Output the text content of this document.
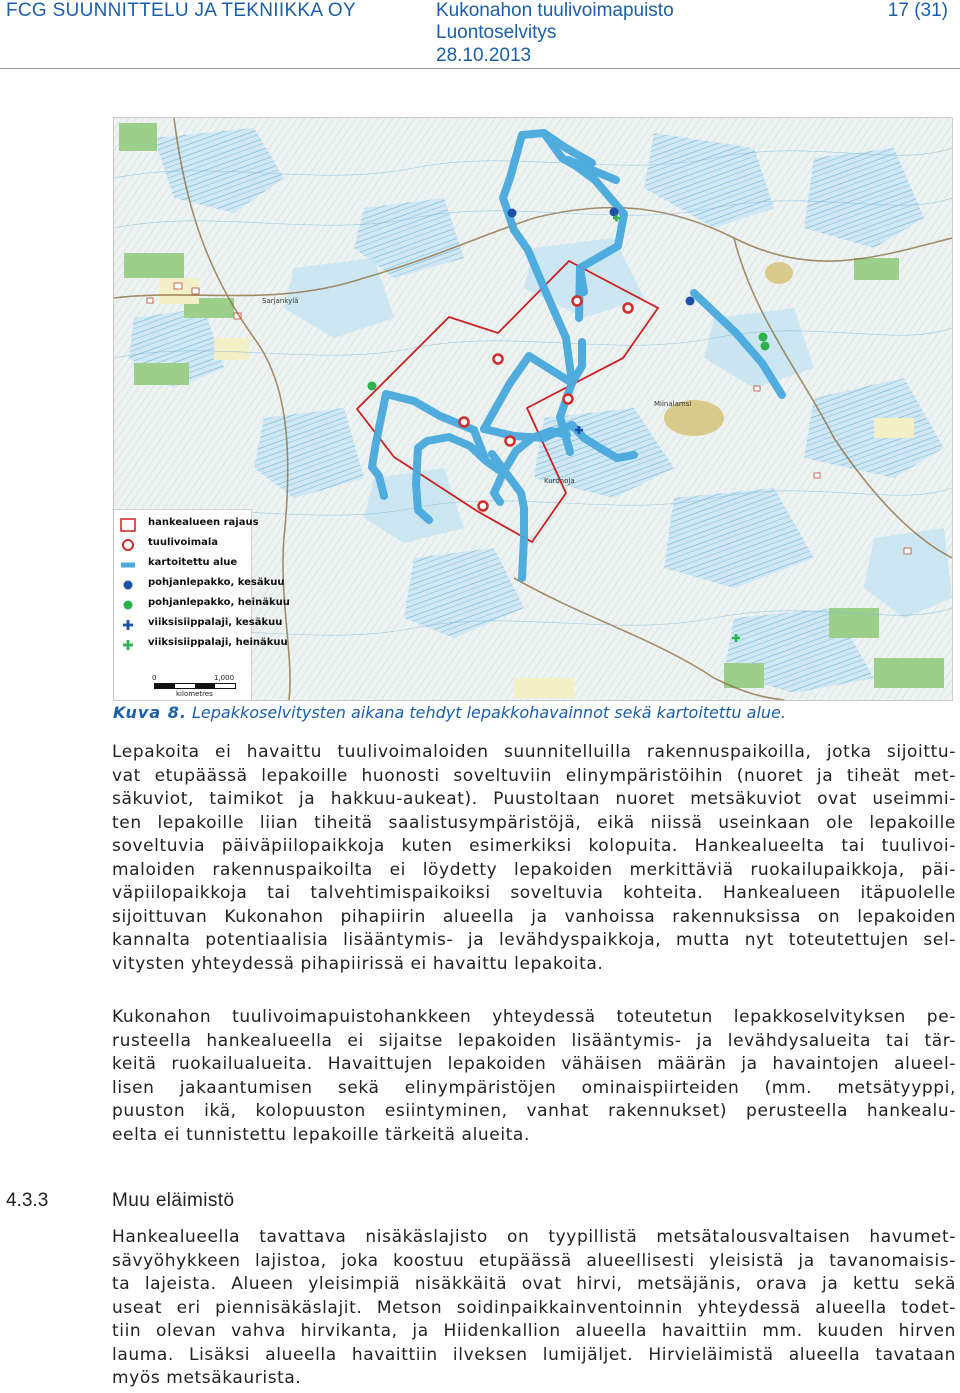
FCG SUUNNITTELU JA TEKNIIKKA OY	Kukonahon tuulivoimapuisto
Luontoselvitys
28.10.2013
17 (31)
Sarjankylä
Miinalamsi
Kuronoja
hankealueen rajaus
tuulivoimala
kartoitettu alue
pohjanlepakko, kesäkuu
pohjanlepakko, heinäkuu
viiksisiippalaji, kesäkuu
viiksisiippalaji, heinäkuu
0	1,000
kilometres
Kuva 8. Lepakkoselvitysten aikana tehdyt lepakkohavainnot sekä kartoitettu alue.
Lepakoita ei havaittu tuulivoimaloiden suunnitelluilla rakennuspaikoilla, jotka sijoittu-
vat etupäässä lepakoille huonosti soveltuviin elinympäristöihin (nuoret ja tiheät met-
säkuviot, taimikot ja hakkuu-aukeat). Puustoltaan nuoret metsäkuviot ovat useimmi-
ten lepakoille liian tiheitä saalistusympäristöjä, eikä niissä useinkaan ole lepakoille
soveltuvia päiväpiilopaikkoja kuten esimerkiksi kolopuita. Hankealueelta tai tuulivoi-
maloiden rakennuspaikoilta ei löydetty lepakoiden merkittäviä ruokailupaikkoja, päi-
väpiilopaikkoja tai talvehtimispaikoiksi soveltuvia kohteita. Hankealueen itäpuolelle
sijoittuvan Kukonahon pihapiirin alueella ja vanhoissa rakennuksissa on lepakoiden
kannalta potentiaalisia lisääntymis- ja levähdyspaikkoja, mutta nyt toteutettujen sel-
vitysten yhteydessä pihapiirissä ei havaittu lepakoita.
Kukonahon tuulivoimapuistohankkeen yhteydessä toteutetun lepakkoselvityksen pe-
rusteella hankealueella ei sijaitse lepakoiden lisääntymis- ja levähdysalueita tai tär-
keitä ruokailualueita. Havaittujen lepakoiden vähäisen määrän ja havaintojen alueel-
lisen jakaantumisen sekä elinympäristöjen ominaispiirteiden (mm. metsätyyppi,
puuston ikä, kolopuuston esiintyminen, vanhat rakennukset) perusteella hankealu-
eelta ei tunnistettu lepakoille tärkeitä alueita.
4.3.3	Muu eläimistö
Hankealueella tavattava nisäkäslajisto on tyypillistä metsätalousvaltaisen havumet-
sävyöhykkeen lajistoa, joka koostuu etupäässä alueellisesti yleisistä ja tavanomaisis-
ta lajeista. Alueen yleisimpiä nisäkkäitä ovat hirvi, metsäjänis, orava ja kettu sekä
useat eri piennisäkäslajit. Metson soidinpaikkainventoinnin yhteydessä alueella todet-
tiin olevan vahva hirvikanta, ja Hiidenkallion alueella havaittiin mm. kuuden hirven
lauma. Lisäksi alueella havaittiin ilveksen lumijäljet. Hirvieläimistä alueella tavataan
myös metsäkaurista.
